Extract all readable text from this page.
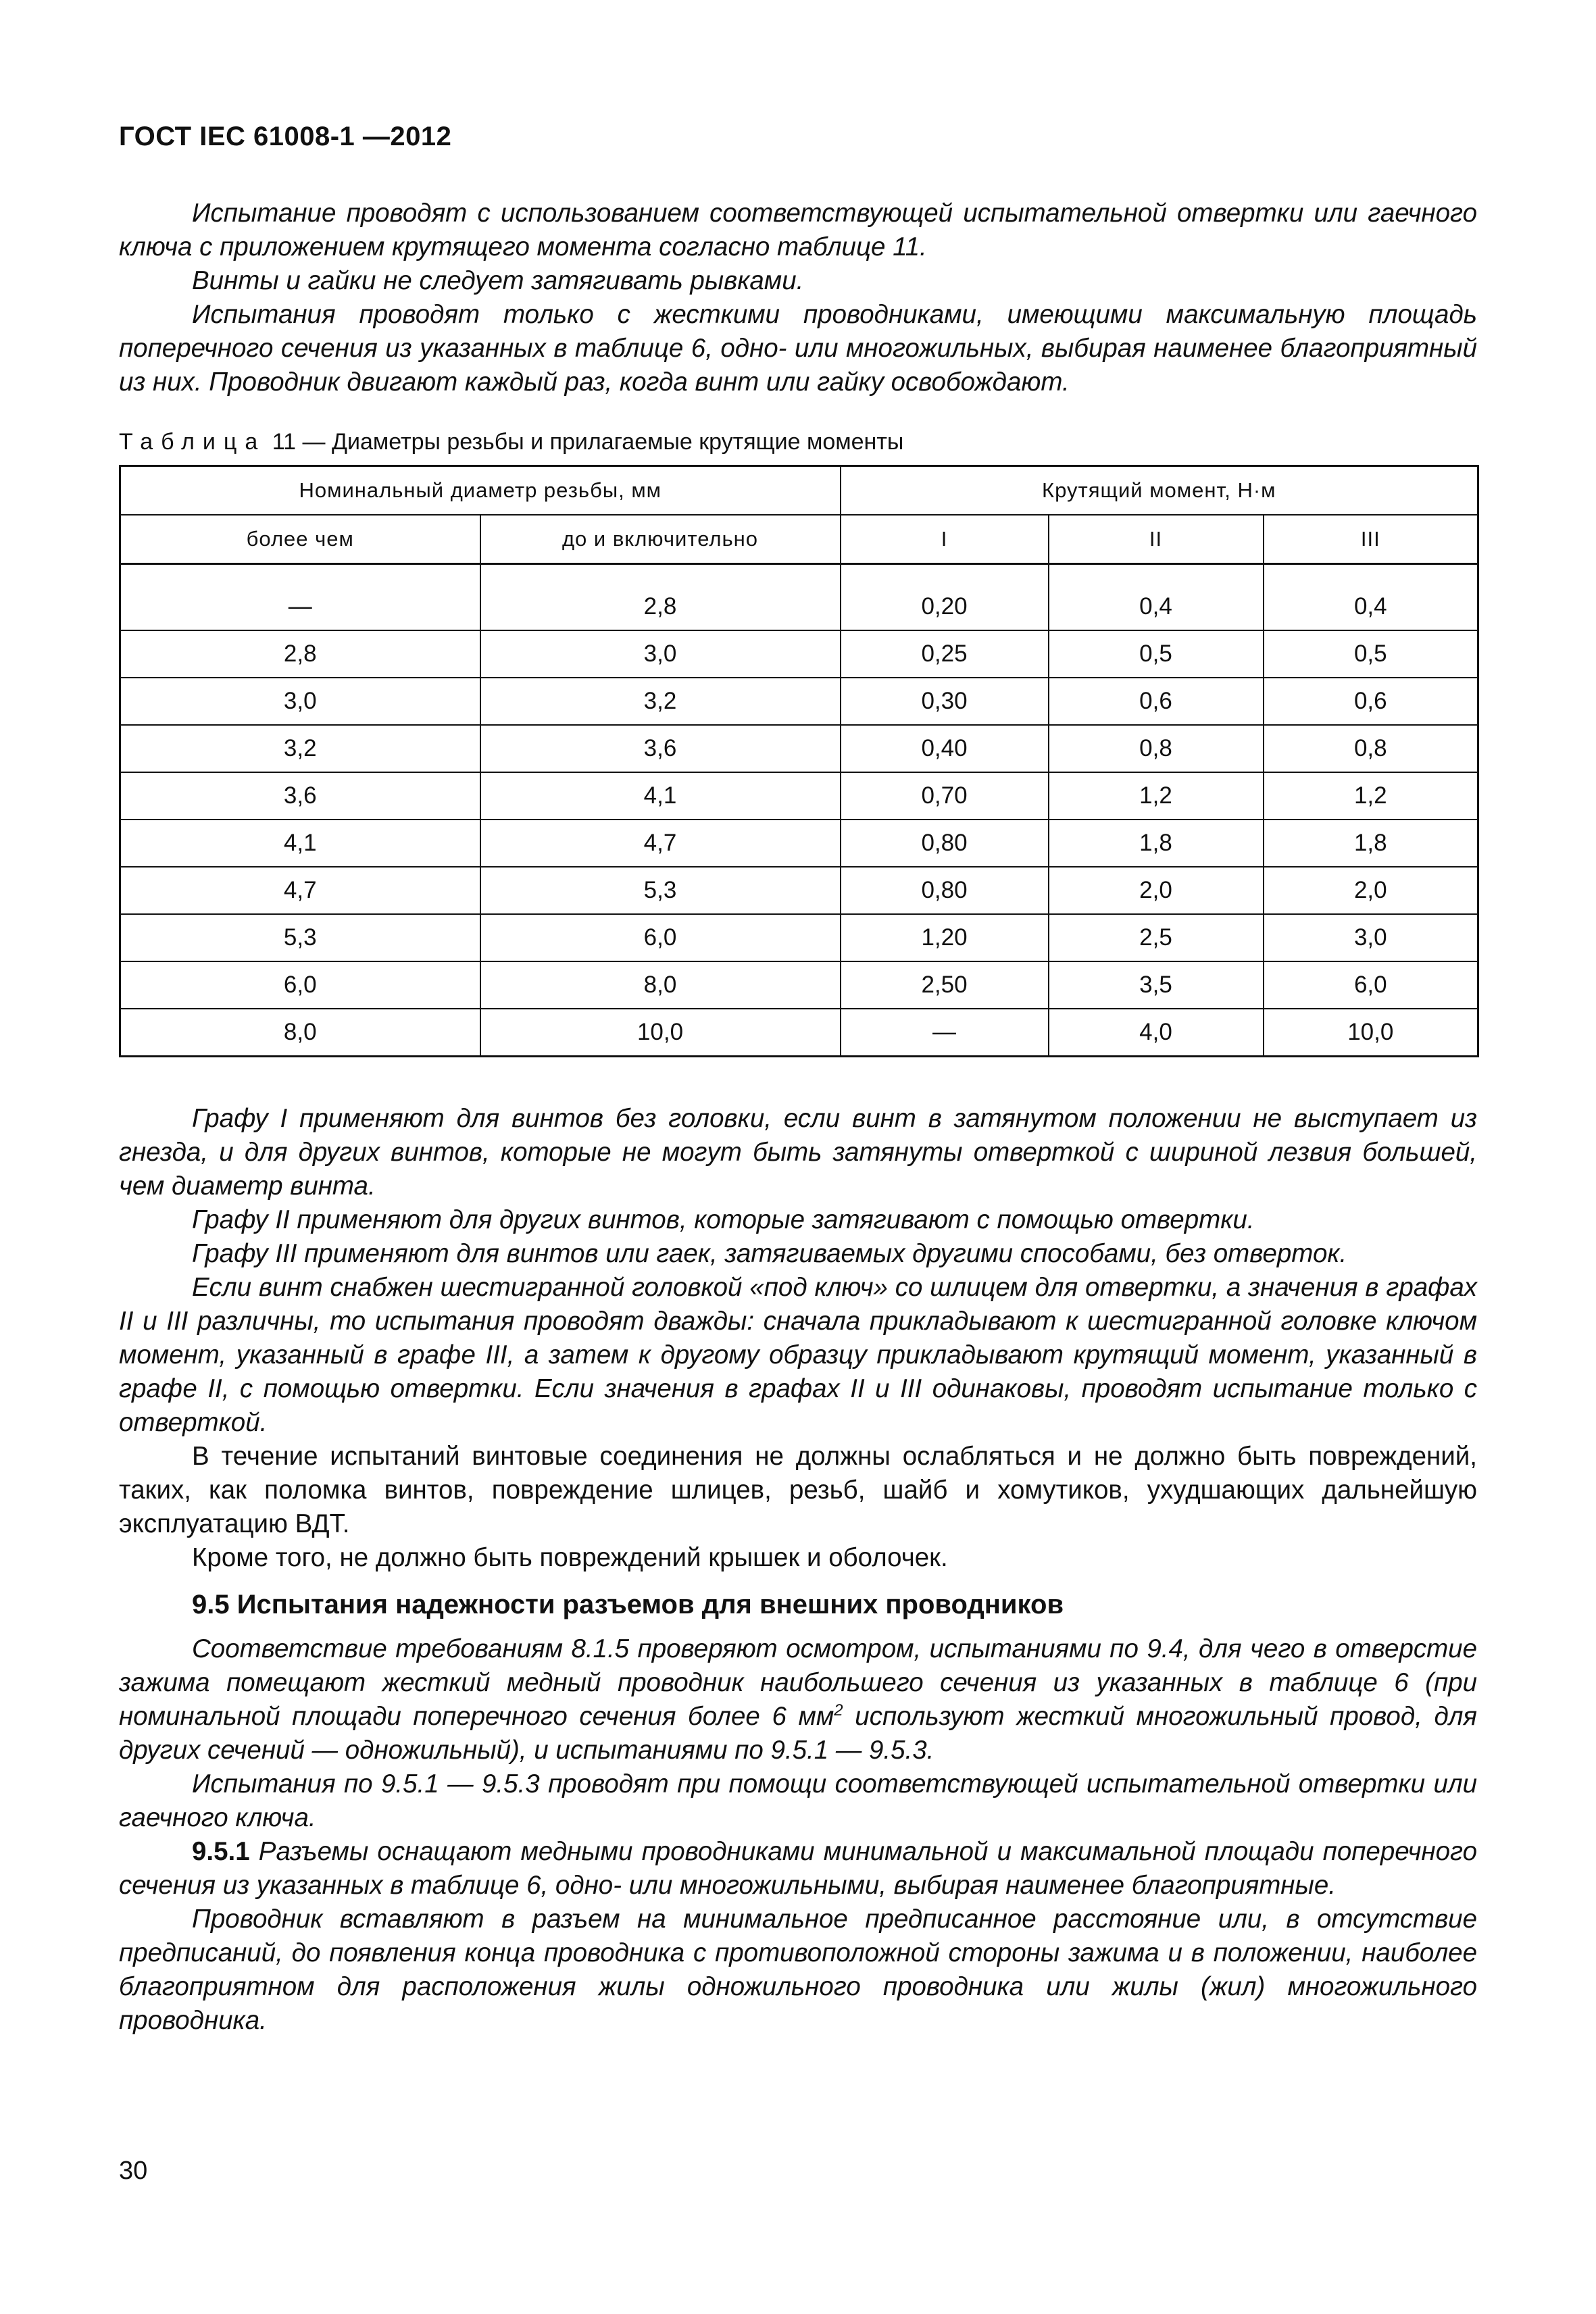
ГОСТ IEC 61008-1 —2012

Испытание проводят с использованием соответствующей испытательной отвертки или гаечного ключа с приложением крутящего момента согласно таблице 11.

Винты и гайки не следует затягивать рывками.

Испытания проводят только с жесткими проводниками, имеющими максимальную площадь поперечного сечения из указанных в таблице 6, одно- или многожильных, выбирая наименее благоприятный из них. Проводник двигают каждый раз, когда винт или гайку освобождают.

Таблица 11 — Диаметры резьбы и прилагаемые крутящие моменты
Номинальный диаметр резьбы, мм		Крутящий момент, Н·м		
более чем	до и включительно	I	II	III

—	2,8	0,20	0,4	0,4
2,8	3,0	0,25	0,5	0,5
3,0	3,2	0,30	0,6	0,6
3,2	3,6	0,40	0,8	0,8
3,6	4,1	0,70	1,2	1,2
4,1	4,7	0,80	1,8	1,8
4,7	5,3	0,80	2,0	2,0
5,3	6,0	1,20	2,5	3,0
6,0	8,0	2,50	3,5	6,0
8,0	10,0	—	4,0	10,0

Графу I применяют для винтов без головки, если винт в затянутом положении не выступает из гнезда, и для других винтов, которые не могут быть затянуты отверткой с шириной лезвия большей, чем диаметр винта.

Графу II применяют для других винтов, которые затягивают с помощью отвертки.

Графу III применяют для винтов или гаек, затягиваемых другими способами, без отверток.

Если винт снабжен шестигранной головкой «под ключ» со шлицем для отвертки, а значения в графах II и III различны, то испытания проводят дважды: сначала прикладывают к шестигранной головке ключом момент, указанный в графе III, а затем к другому образцу прикладывают крутящий момент, указанный в графе II, с помощью отвертки. Если значения в графах II и III одинаковы, проводят испытание только с отверткой.

В течение испытаний винтовые соединения не должны ослабляться и не должно быть повреждений, таких, как поломка винтов, повреждение шлицев, резьб, шайб и хомутиков, ухудшающих дальнейшую эксплуатацию ВДТ.

Кроме того, не должно быть повреждений крышек и оболочек.

9.5 Испытания надежности разъемов для внешних проводников

Соответствие требованиям 8.1.5 проверяют осмотром, испытаниями по 9.4, для чего в отверстие зажима помещают жесткий медный проводник наибольшего сечения из указанных в таблице 6 (при номинальной площади поперечного сечения более 6 $мм^2$ используют жесткий многожильный провод, для других сечений — одножильный), и испытаниями по 9.5.1 — 9.5.3.

Испытания по 9.5.1 — 9.5.3 проводят при помощи соответствующей испытательной отвертки или гаечного ключа.

9.5.1 Разъемы оснащают медными проводниками минимальной и максимальной площади поперечного сечения из указанных в таблице 6, одно- или многожильными, выбирая наименее благоприятные.

Проводник вставляют в разъем на минимальное предписанное расстояние или, в отсутствие предписаний, до появления конца проводника с противоположной стороны зажима и в положении, наиболее благоприятном для расположения жилы одножильного проводника или жилы (жил) многожильного проводника.

30
